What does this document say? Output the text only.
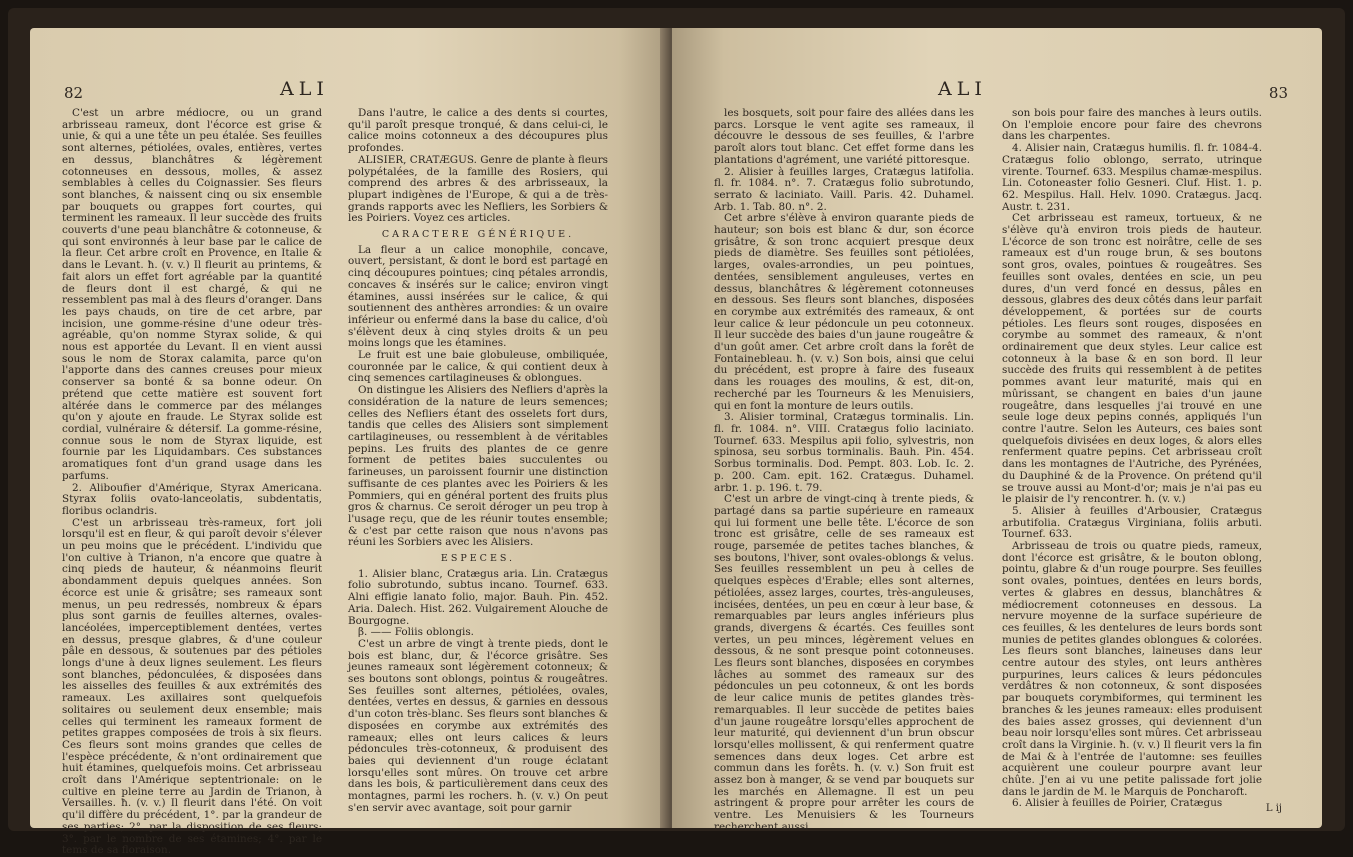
82	ALI

C'est un arbre médiocre, ou un grand arbrisseau rameux, dont l'écorce est grise & unie, & qui a une tête un peu étalée. Ses feuilles sont alternes, pétiolées, ovales, entières, vertes en dessus, blanchâtres & légèrement cotonneuses en dessous, molles, & assez semblables à celles du Coignassier. Ses fleurs sont blanches, & naissent cinq ou six ensemble par bouquets ou grappes fort courtes, qui terminent les rameaux. Il leur succède des fruits couverts d'une peau blanchâtre & cotonneuse, & qui sont environnés à leur base par le calice de la fleur. Cet arbre croît en Provence, en Italie & dans le Levant. ħ. (v. v.) Il fleurit au printems, & fait alors un effet fort agréable par la quantité de fleurs dont il est chargé, & qui ne ressemblent pas mal à des fleurs d'oranger. Dans les pays chauds, on tire de cet arbre, par incision, une gomme-résine d'une odeur très-agréable, qu'on nomme Styrax solide, & qui nous est apportée du Levant. Il en vient aussi sous le nom de Storax calamita, parce qu'on l'apporte dans des cannes creuses pour mieux conserver sa bonté & sa bonne odeur. On prétend que cette matière est souvent fort altérée dans le commerce par des mélanges qu'on y ajoute en fraude. Le Styrax solide est cordial, vulnéraire & détersif. La gomme-résine, connue sous le nom de Styrax liquide, est fournie par les Liquidambars. Ces substances aromatiques font d'un grand usage dans les parfums.

2. Aliboufier d'Amérique, Styrax Americana. Styrax foliis ovato-lanceolatis, subdentatis, floribus oclandris.

C'est un arbrisseau très-rameux, fort joli lorsqu'il est en fleur, & qui paroît devoir s'élever un peu moins que le précédent. L'individu que l'on cultive à Trianon, n'a encore que quatre à cinq pieds de hauteur, & néanmoins fleurit abondamment depuis quelques années. Son écorce est unie & grisâtre; ses rameaux sont menus, un peu redressés, nombreux & épars plus sont garnis de feuilles alternes, ovales-lancéolées, imperceptiblement dentées, vertes en dessus, presque glabres, & d'une couleur pâle en dessous, & soutenues par des pétioles longs d'une à deux lignes seulement. Les fleurs sont blanches, pédonculées, & disposées dans les aisselles des feuilles & aux extrémités des rameaux. Les axillaires sont quelquefois solitaires ou seulement deux ensemble; mais celles qui terminent les rameaux forment de petites grappes composées de trois à six fleurs. Ces fleurs sont moins grandes que celles de l'espèce précédente, & n'ont ordinairement que huit étamines, quelquefois moins. Cet arbrisseau croît dans l'Amérique septentrionale: on le cultive en pleine terre au Jardin de Trianon, à Versailles. ħ. (v. v.) Il fleurit dans l'été. On voit qu'il diffère du précédent, 1°. par la grandeur de ses parties; 2°. par la disposition de ses fleurs; 3°. par le nombre de ses étamines; 4°. par le tems de sa floraison.

Dans l'autre, le calice a des dents si courtes, qu'il paroît presque tronqué, & dans celui-ci, le calice moins cotonneux a des découpures plus profondes.

ALISIER, CRATÆGUS. Genre de plante à fleurs polypétalées, de la famille des Rosiers, qui comprend des arbres & des arbrisseaux, la plupart indigènes de l'Europe, & qui a de très-grands rapports avec les Nefliers, les Sorbiers & les Poiriers. Voyez ces articles.

CARACTERE GÉNÉRIQUE.

La fleur a un calice monophile, concave, ouvert, persistant, & dont le bord est partagé en cinq découpures pointues; cinq pétales arrondis, concaves & insérés sur le calice; environ vingt étamines, aussi insérées sur le calice, & qui soutiennent des anthères arrondies: & un ovaire inférieur ou enfermé dans la base du calice, d'où s'élèvent deux à cinq styles droits & un peu moins longs que les étamines.

Le fruit est une baie globuleuse, ombiliquée, couronnée par le calice, & qui contient deux à cinq semences cartilagineuses & oblongues.

On distingue les Alisiers des Nefliers d'après la considération de la nature de leurs semences; celles des Nefliers étant des osselets fort durs, tandis que celles des Alisiers sont simplement cartilagineuses, ou ressemblent à de véritables pepins. Les fruits des plantes de ce genre forment de petites baies succulentes ou farineuses, un paroissent fournir une distinction suffisante de ces plantes avec les Poiriers & les Pommiers, qui en général portent des fruits plus gros & charnus. Ce seroit déroger un peu trop à l'usage reçu, que de les réunir toutes ensemble; & c'est par cette raison que nous n'avons pas réuni les Sorbiers avec les Alisiers.

ESPECES.

1. Alisier blanc, Cratægus aria. Lin. Cratægus folio subrotundo, subtus incano. Tournef. 633. Alni effigie lanato folio, major. Bauh. Pin. 452. Aria. Dalech. Hist. 262. Vulgairement Alouche de Bourgogne.

β. —— Foliis oblongis.

C'est un arbre de vingt à trente pieds, dont le bois est blanc, dur, & l'écorce grisâtre. Ses jeunes rameaux sont légèrement cotonneux; & ses boutons sont oblongs, pointus & rougeâtres. Ses feuilles sont alternes, pétiolées, ovales, dentées, vertes en dessus, & garnies en dessous d'un coton très-blanc. Ses fleurs sont blanches & disposées en corymbe aux extrémités des rameaux; elles ont leurs calices & leurs pédoncules très-cotonneux, & produisent des baies qui deviennent d'un rouge éclatant lorsqu'elles sont mûres. On trouve cet arbre dans les bois, & particulièrement dans ceux des montagnes, parmi les rochers. ħ. (v. v.) On peut s'en servir avec avantage, soit pour garnir

ALI	83

les bosquets, soit pour faire des allées dans les parcs. Lorsque le vent agite ses rameaux, il découvre le dessous de ses feuilles, & l'arbre paroît alors tout blanc. Cet effet forme dans les plantations d'agrément, une variété pittoresque.

2. Alisier à feuilles larges, Cratægus latifolia. fl. fr. 1084. n°. 7. Cratægus folio subrotundo, serrato & laciniato. Vaill. Paris. 42. Duhamel. Arb. 1. Tab. 80. n°. 2.

Cet arbre s'élève à environ quarante pieds de hauteur; son bois est blanc & dur, son écorce grisâtre, & son tronc acquiert presque deux pieds de diamètre. Ses feuilles sont pétiolées, larges, ovales-arrondies, un peu pointues, dentées, sensiblement anguleuses, vertes en dessus, blanchâtres & légèrement cotonneuses en dessous. Ses fleurs sont blanches, disposées en corymbe aux extrémités des rameaux, & ont leur calice & leur pédoncule un peu cotonneux. Il leur succède des baies d'un jaune rougeâtre & d'un goût amer. Cet arbre croît dans la forêt de Fontainebleau. ħ. (v. v.) Son bois, ainsi que celui du précédent, est propre à faire des fuseaux dans les rouages des moulins, & est, dit-on, recherché par les Tourneurs & les Menuisiers, qui en font la monture de leurs outils.

3. Alisier torminal, Cratægus torminalis. Lin. fl. fr. 1084. n°. VIII. Cratægus folio laciniato. Tournef. 633. Mespilus apii folio, sylvestris, non spinosa, seu sorbus torminalis. Bauh. Pin. 454. Sorbus torminalis. Dod. Pempt. 803. Lob. Ic. 2. p. 200. Cam. epit. 162. Cratægus. Duhamel. arbr. 1. p. 196. t. 79.

C'est un arbre de vingt-cinq à trente pieds, & partagé dans sa partie supérieure en rameaux qui lui forment une belle tête. L'écorce de son tronc est grisâtre, celle de ses rameaux est rouge, parsemée de petites taches blanches, & ses boutons, l'hiver, sont ovales-oblongs & velus. Ses feuilles ressemblent un peu à celles de quelques espèces d'Erable; elles sont alternes, pétiolées, assez larges, courtes, très-anguleuses, incisées, dentées, un peu en cœur à leur base, & remarquables par leurs angles inférieurs plus grands, divergens & écartés. Ces feuilles sont vertes, un peu minces, légèrement velues en dessous, & ne sont presque point cotonneuses. Les fleurs sont blanches, disposées en corymbes lâches au sommet des rameaux sur des pédoncules un peu cotonneux, & ont les bords de leur calice munis de petites glandes très-remarquables. Il leur succède de petites baies d'un jaune rougeâtre lorsqu'elles approchent de leur maturité, qui deviennent d'un brun obscur lorsqu'elles mollissent, & qui renferment quatre semences dans deux loges. Cet arbre est commun dans les forêts. ħ. (v. v.) Son fruit est assez bon à manger, & se vend par bouquets sur les marchés en Allemagne. Il est un peu astringent & propre pour arrêter les cours de ventre. Les Menuisiers & les Tourneurs recherchent aussi

son bois pour faire des manches à leurs outils. On l'emploie encore pour faire des chevrons dans les charpentes.

4. Alisier nain, Cratægus humilis. fl. fr. 1084-4. Cratægus folio oblongo, serrato, utrinque virente. Tournef. 633. Mespilus chamæ-mespilus. Lin. Cotoneaster folio Gesneri. Cluf. Hist. 1. p. 62. Mespilus. Hall. Helv. 1090. Cratægus. Jacq. Austr. t. 231.

Cet arbrisseau est rameux, tortueux, & ne s'élève qu'à environ trois pieds de hauteur. L'écorce de son tronc est noirâtre, celle de ses rameaux est d'un rouge brun, & ses boutons sont gros, ovales, pointues & rougeâtres. Ses feuilles sont ovales, dentées en scie, un peu dures, d'un verd foncé en dessus, pâles en dessous, glabres des deux côtés dans leur parfait développement, & portées sur de courts pétioles. Les fleurs sont rouges, disposées en corymbe au sommet des rameaux, & n'ont ordinairement que deux styles. Leur calice est cotonneux à la base & en son bord. Il leur succède des fruits qui ressemblent à de petites pommes avant leur maturité, mais qui en mûrissant, se changent en baies d'un jaune rougeâtre, dans lesquelles j'ai trouvé en une seule loge deux pepins connés, appliqués l'un contre l'autre. Selon les Auteurs, ces baies sont quelquefois divisées en deux loges, & alors elles renferment quatre pepins. Cet arbrisseau croît dans les montagnes de l'Autriche, des Pyrénées, du Dauphiné & de la Provence. On prétend qu'il se trouve aussi au Mont-d'or; mais je n'ai pas eu le plaisir de l'y rencontrer. ħ. (v. v.)

5. Alisier à feuilles d'Arbousier, Cratægus arbutifolia. Cratægus Virginiana, foliis arbuti. Tournef. 633.

Arbrisseau de trois ou quatre pieds, rameux, dont l'écorce est grisâtre, & le bouton oblong, pointu, glabre & d'un rouge pourpre. Ses feuilles sont ovales, pointues, dentées en leurs bords, vertes & glabres en dessus, blanchâtres & médiocrement cotonneuses en dessous. La nervure moyenne de la surface supérieure de ces feuilles, & les dentelures de leurs bords sont munies de petites glandes oblongues & colorées. Les fleurs sont blanches, laineuses dans leur centre autour des styles, ont leurs anthères purpurines, leurs calices & leurs pédoncules verdâtres & non cotonneux, & sont disposées par bouquets corymbiformes, qui terminent les branches & les jeunes rameaux: elles produisent des baies assez grosses, qui deviennent d'un beau noir lorsqu'elles sont mûres. Cet arbrisseau croît dans la Virginie. ħ. (v. v.) Il fleurit vers la fin de Mai & à l'entrée de l'automne: ses feuilles acquièrent une couleur pourpre avant leur chûte. J'en ai vu une petite palissade fort jolie dans le jardin de M. le Marquis de Poncharoft.

6. Alisier à feuilles de Poirier, Cratægus	L ij
